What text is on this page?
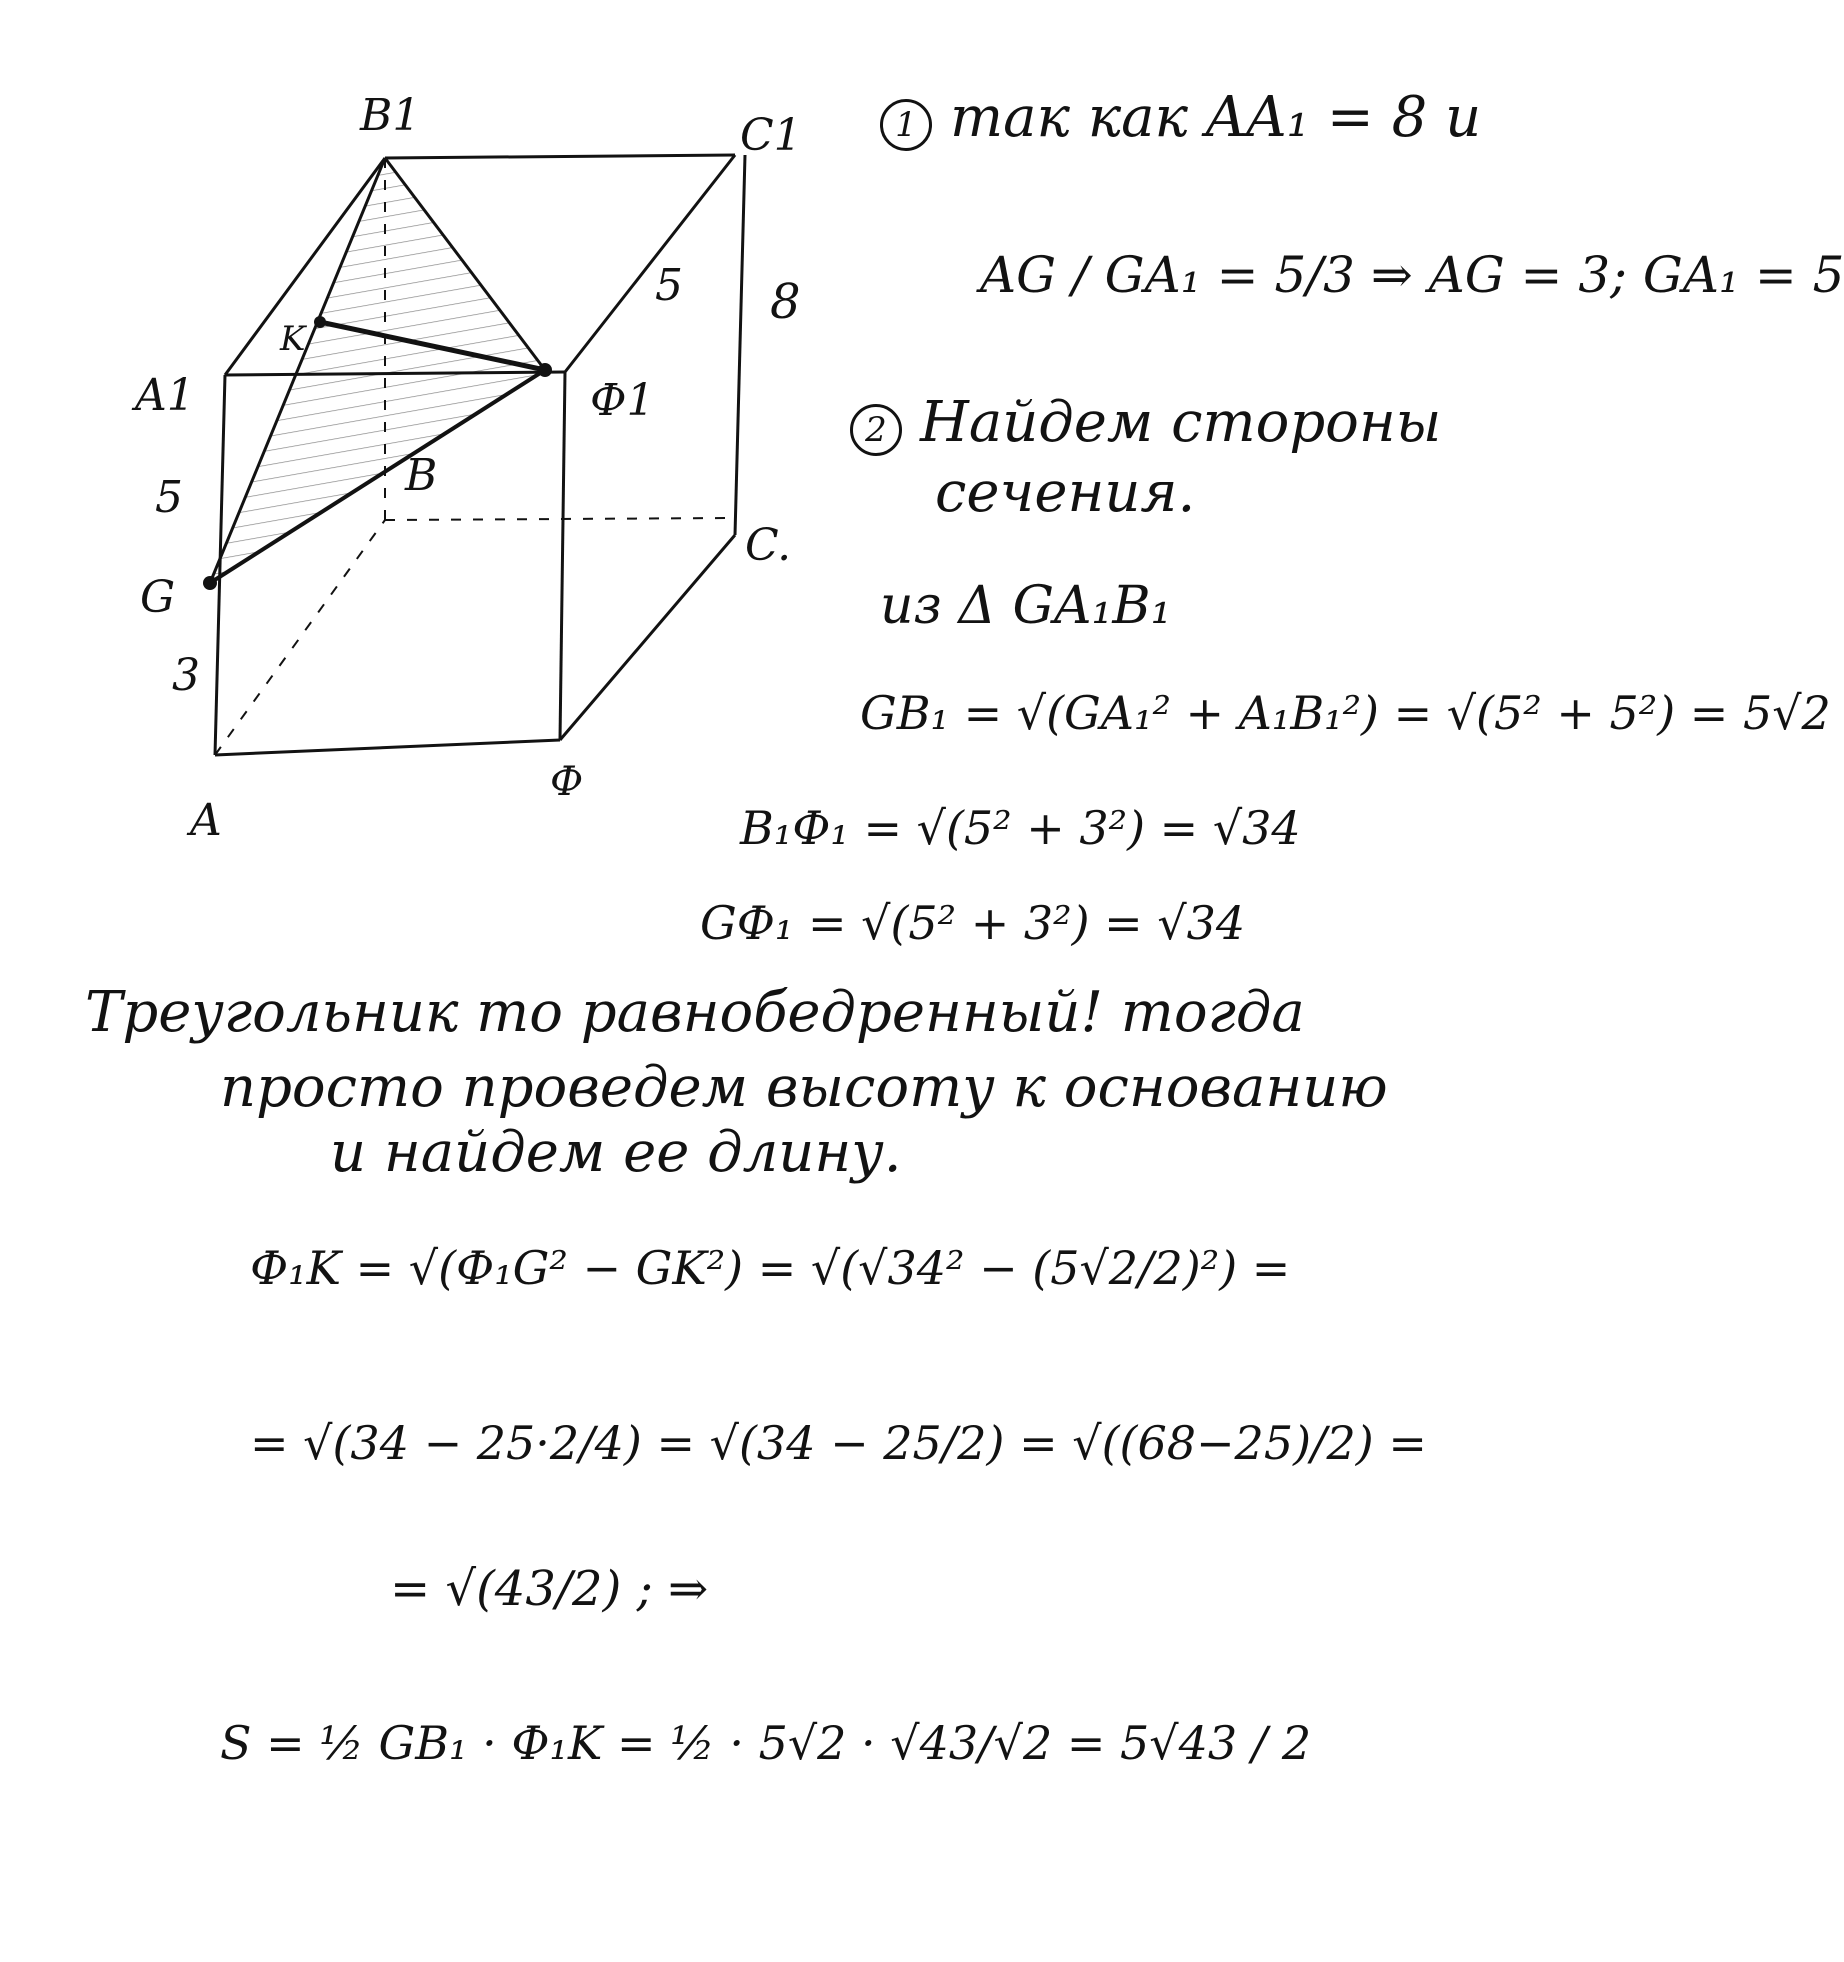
B1	C1
A1	Ф1
B
C.
G
A
Ф
K
5
3
5 8
1 так как AA₁ = 8 и
AG / GA₁ = 5/3 ⇒ AG = 3; GA₁ = 5
2 Найдем стороны
сечения.
из Δ GA₁B₁
GB₁ = √(GA₁² + A₁B₁²) = √(5² + 5²) = 5√2
B₁Ф₁ = √(5² + 3²) = √34
GФ₁ = √(5² + 3²) = √34
Треугольник то равнобедренный! тогда
просто проведем высоту к основанию
и найдем ее длину.
Ф₁K = √(Ф₁G² − GK²) = √(√34² − (5√2/2)²) =
= √(34 − 25·2/4) = √(34 − 25/2) = √((68−25)/2) =
= √(43/2) ; ⇒
S = ½ GB₁ · Ф₁K = ½ · 5√2 · √43/√2 = 5√43 / 2
